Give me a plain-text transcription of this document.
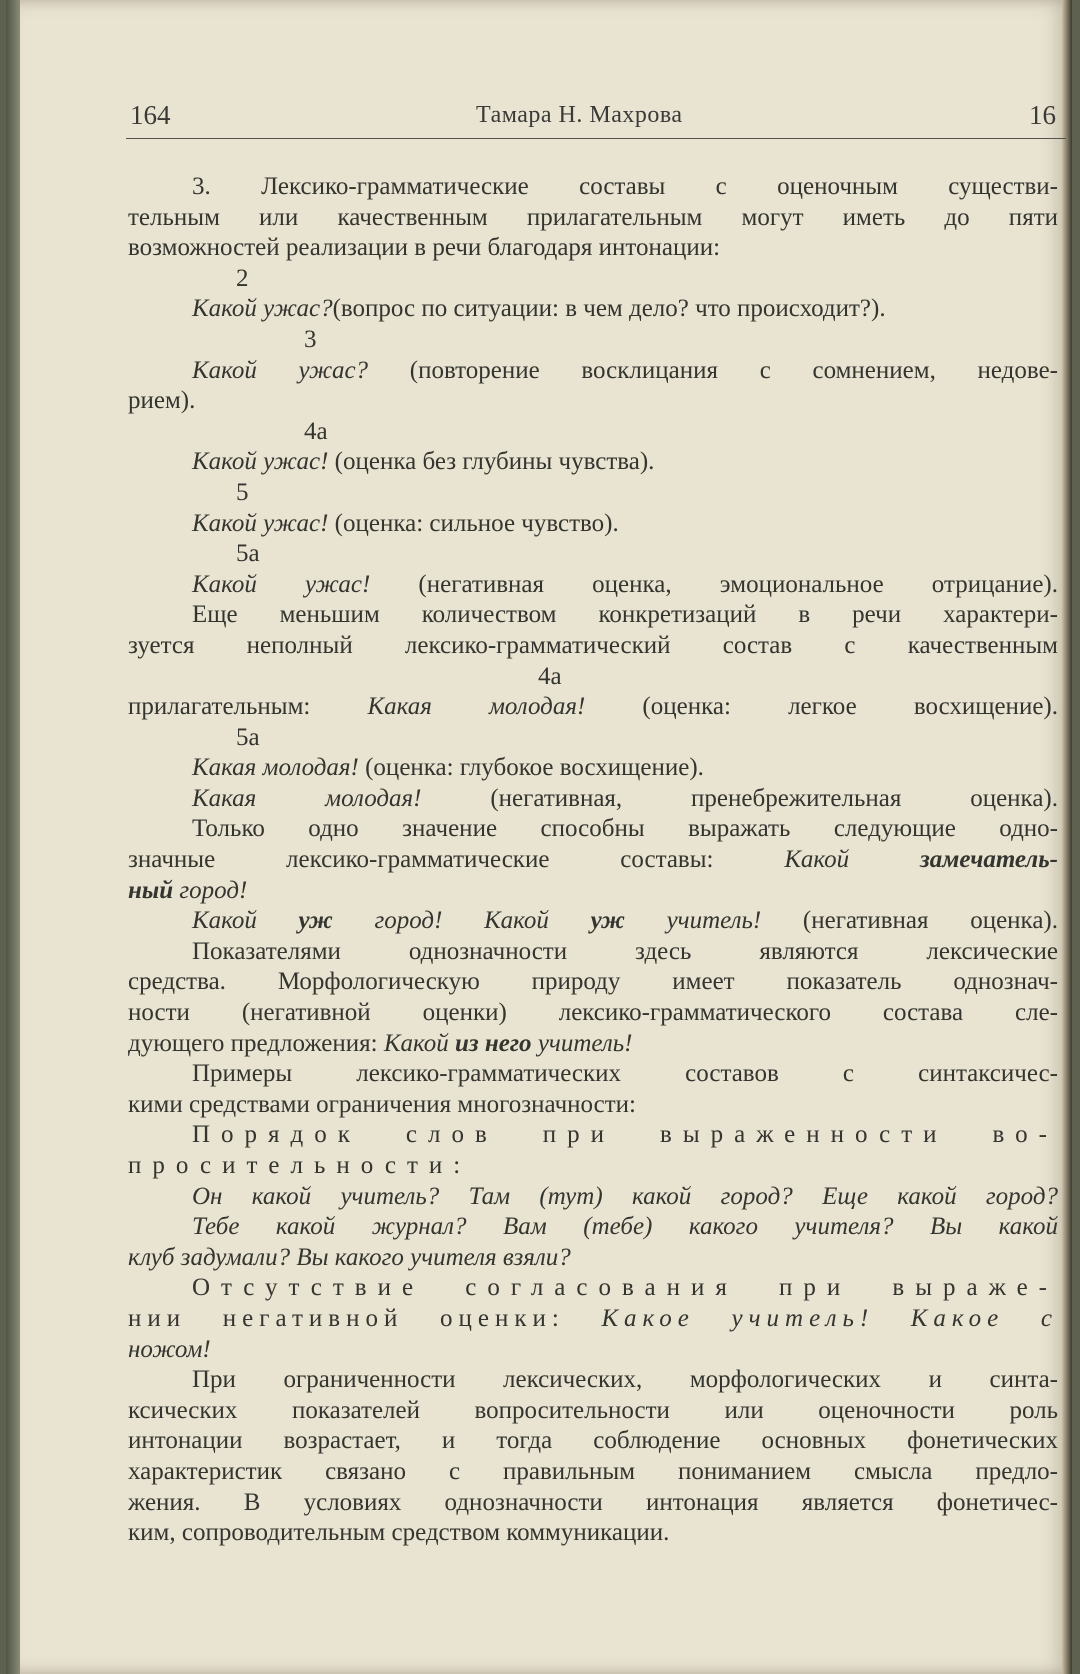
164	Тамара Н. Махрова	16
3. Лексико-грамматические составы с оценочным существи-
тельным или качественным прилагательным могут иметь до пяти
возможностей реализации в речи благодаря интонации:
2
Какой ужас?(вопрос по ситуации: в чем дело? что происходит?).
3
Какой ужас? (повторение восклицания с сомнением, недове-
рием).
4a
Какой ужас! (оценка без глубины чувства).
5
Какой ужас! (оценка: сильное чувство).
5a
Какой ужас! (негативная оценка, эмоциональное отрицание).
Еще меньшим количеством конкретизаций в речи характери-
зуется неполный лексико-грамматический состав с качественным
4a
прилагательным: Какая молодая! (оценка: легкое восхищение).
5a
Какая молодая! (оценка: глубокое восхищение).
Какая молодая! (негативная, пренебрежительная оценка).
Только одно значение способны выражать следующие одно-
значные лексико-грамматические составы: Какой замечатель-
ный город!
Какой уж город! Какой уж учитель! (негативная оценка).
Показателями однозначности здесь являются лексические
средства. Морфологическую природу имеет показатель однознач-
ности (негативной оценки) лексико-грамматического состава сле-
дующего предложения: Какой из него учитель!
Примеры лексико-грамматических составов с синтаксичес-
кими средствами ограничения многозначности:
Порядок слов при выраженности во-
просительности:
Он какой учитель? Там (тут) какой город? Еще какой город?
Тебе какой журнал? Вам (тебе) какого учителя? Вы какой
клуб задумали? Вы какого учителя взяли?
Отсутствие согласования при выраже-
нии негативной оценки: Какое учитель! Какое с
ножом!
При ограниченности лексических, морфологических и синта-
ксических показателей вопросительности или оценочности роль
интонации возрастает, и тогда соблюдение основных фонетических
характеристик связано с правильным пониманием смысла предло-
жения. В условиях однозначности интонация является фонетичес-
ким, сопроводительным средством коммуникации.
